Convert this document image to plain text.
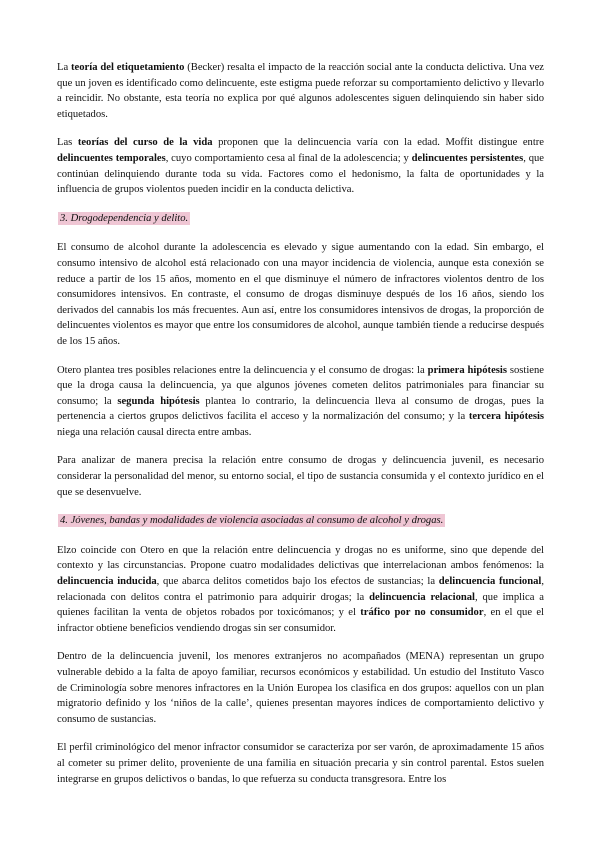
La teoría del etiquetamiento (Becker) resalta el impacto de la reacción social ante la conducta delictiva. Una vez que un joven es identificado como delincuente, este estigma puede reforzar su comportamiento delictivo y llevarlo a reincidir. No obstante, esta teoría no explica por qué algunos adolescentes siguen delinquiendo sin haber sido etiquetados.

Las teorías del curso de la vida proponen que la delincuencia varía con la edad. Moffit distingue entre delincuentes temporales, cuyo comportamiento cesa al final de la adolescencia; y delincuentes persistentes, que continúan delinquiendo durante toda su vida. Factores como el hedonismo, la falta de oportunidades y la influencia de grupos violentos pueden incidir en la conducta delictiva.

3. Drogodependencia y delito.

El consumo de alcohol durante la adolescencia es elevado y sigue aumentando con la edad. Sin embargo, el consumo intensivo de alcohol está relacionado con una mayor incidencia de violencia, aunque esta conexión se reduce a partir de los 15 años, momento en el que disminuye el número de infractores violentos dentro de los consumidores intensivos. En contraste, el consumo de drogas disminuye después de los 16 años, siendo los derivados del cannabis los más frecuentes. Aun así, entre los consumidores intensivos de drogas, la proporción de delincuentes violentos es mayor que entre los consumidores de alcohol, aunque también tiende a reducirse después de los 15 años.

Otero plantea tres posibles relaciones entre la delincuencia y el consumo de drogas: la primera hipótesis sostiene que la droga causa la delincuencia, ya que algunos jóvenes cometen delitos patrimoniales para financiar su consumo; la segunda hipótesis plantea lo contrario, la delincuencia lleva al consumo de drogas, pues la pertenencia a ciertos grupos delictivos facilita el acceso y la normalización del consumo; y la tercera hipótesis niega una relación causal directa entre ambas.

Para analizar de manera precisa la relación entre consumo de drogas y delincuencia juvenil, es necesario considerar la personalidad del menor, su entorno social, el tipo de sustancia consumida y el contexto jurídico en el que se desenvuelve.

4. Jóvenes, bandas y modalidades de violencia asociadas al consumo de alcohol y drogas.

Elzo coincide con Otero en que la relación entre delincuencia y drogas no es uniforme, sino que depende del contexto y las circunstancias. Propone cuatro modalidades delictivas que interrelacionan ambos fenómenos: la delincuencia inducida, que abarca delitos cometidos bajo los efectos de sustancias; la delincuencia funcional, relacionada con delitos contra el patrimonio para adquirir drogas; la delincuencia relacional, que implica a quienes facilitan la venta de objetos robados por toxicómanos; y el tráfico por no consumidor, en el que el infractor obtiene beneficios vendiendo drogas sin ser consumidor.

Dentro de la delincuencia juvenil, los menores extranjeros no acompañados (MENA) representan un grupo vulnerable debido a la falta de apoyo familiar, recursos económicos y estabilidad. Un estudio del Instituto Vasco de Criminología sobre menores infractores en la Unión Europea los clasifica en dos grupos: aquellos con un plan migratorio definido y los ‘niños de la calle’, quienes presentan mayores índices de comportamiento delictivo y consumo de sustancias.

El perfil criminológico del menor infractor consumidor se caracteriza por ser varón, de aproximadamente 15 años al cometer su primer delito, proveniente de una familia en situación precaria y sin control parental. Estos suelen integrarse en grupos delictivos o bandas, lo que refuerza su conducta transgresora. Entre los
